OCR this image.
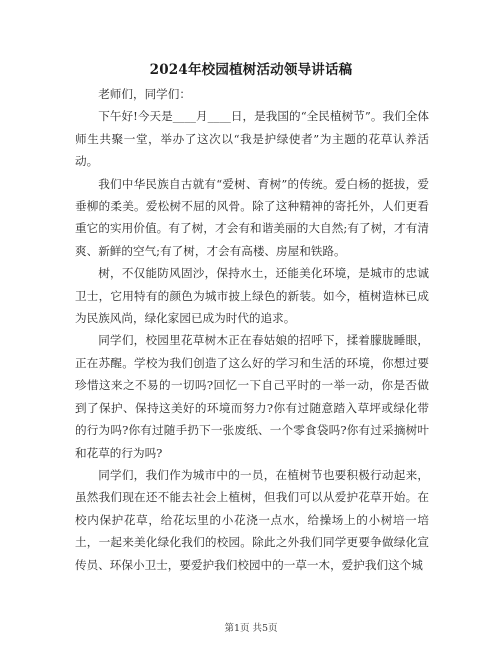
2024年校园植树活动领导讲话稿

老师们，同学们：

下午好!今天是____月____日，是我国的“全民植树节”。我们全体师生共聚一堂，举办了这次以“我是护绿使者”为主题的花草认养活动。

我们中华民族自古就有“爱树、育树”的传统。爱白杨的挺拔，爱垂柳的柔美。爱松树不屈的风骨。除了这种精神的寄托外，人们更看重它的实用价值。有了树，才会有和谐美丽的大自然;有了树，才有清爽、新鲜的空气;有了树，才会有高楼、房屋和铁路。

树，不仅能防风固沙，保持水土，还能美化环境，是城市的忠诚卫士，它用特有的颜色为城市披上绿色的新装。如今，植树造林已成为民族风尚，绿化家园已成为时代的追求。

同学们，校园里花草树木正在春姑娘的招呼下，揉着朦胧睡眼，正在苏醒。学校为我们创造了这么好的学习和生活的环境，你想过要珍惜这来之不易的一切吗?回忆一下自己平时的一举一动，你是否做到了保护、保持这美好的环境而努力?你有过随意踏入草坪或绿化带的行为吗?你有过随手扔下一张废纸、一个零食袋吗?你有过采摘树叶和花草的行为吗?

同学们，我们作为城市中的一员，在植树节也要积极行动起来，虽然我们现在还不能去社会上植树，但我们可以从爱护花草开始。在校内保护花草，给花坛里的小花浇一点水，给操场上的小树培一培土，一起来美化绿化我们的校园。除此之外我们同学更要争做绿化宣传员、环保小卫士，要爱护我们校园中的一草一木，爱护我们这个城

第1页 共5页
